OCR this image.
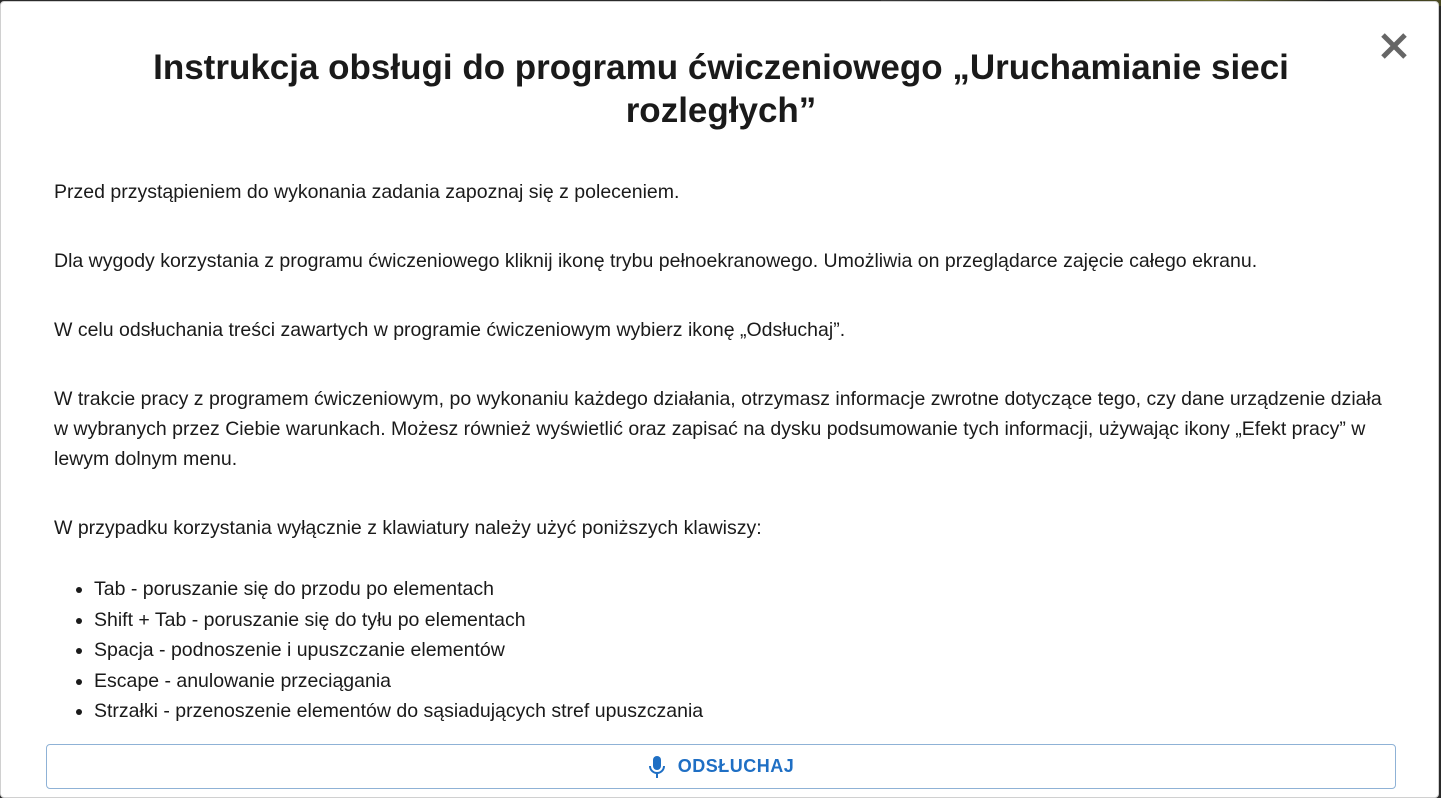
Instrukcja obsługi do programu ćwiczeniowego „Uruchamianie sieci rozległych”

Przed przystąpieniem do wykonania zadania zapoznaj się z poleceniem.

Dla wygody korzystania z programu ćwiczeniowego kliknij ikonę trybu pełnoekranowego. Umożliwia on przeglądarce zajęcie całego ekranu.

W celu odsłuchania treści zawartych w programie ćwiczeniowym wybierz ikonę „Odsłuchaj”.

W trakcie pracy z programem ćwiczeniowym, po wykonaniu każdego działania, otrzymasz informacje zwrotne dotyczące tego, czy dane urządzenie działa w wybranych przez Ciebie warunkach. Możesz również wyświetlić oraz zapisać na dysku podsumowanie tych informacji, używając ikony „Efekt pracy” w lewym dolnym menu.

W przypadku korzystania wyłącznie z klawiatury należy użyć poniższych klawiszy:

• Tab - poruszanie się do przodu po elementach
• Shift + Tab - poruszanie się do tyłu po elementach
• Spacja - podnoszenie i upuszczanie elementów
• Escape - anulowanie przeciągania
• Strzałki - przenoszenie elementów do sąsiadujących stref upuszczania
ODSŁUCHAJ
